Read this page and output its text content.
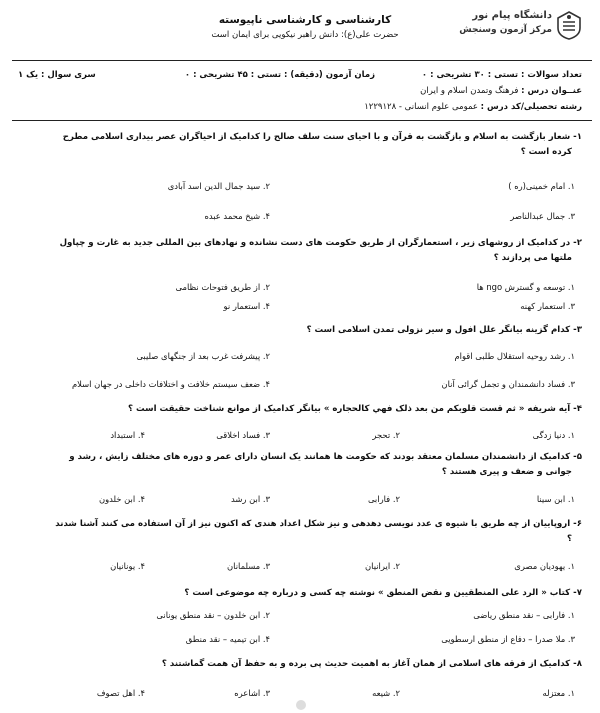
کارشناسی و کارشناسی ناپیوسته
حضرت علی(ع): دانش راهبر نیکویی برای ایمان است
دانشگاه پیام نور
مرکز آزمون وسنجش
تعداد سوالات : تستی : ۳۰ تشریحی : ۰
زمان آزمون (دقیقه) : تستی : ۴۵ تشریحی : ۰
سری سوال : یک ۱
عنــوان درس : فرهنگ وتمدن اسلام و ایران
رشته تحصیلی/کد درس : عمومی علوم انسانی - ۱۲۲۹۱۲۸
۱- شعار بازگشت به اسلام و بازگشت به قرآن و با احیای سنت سلف صالح را کدامیک از احیاگران عصر بیداری اسلامی مطرح
کرده است ؟
۱. امام خمینی(ره )
۲. سید جمال الدین اسد آبادی
۳. جمال عبدالناصر
۴. شیخ محمد عبده
۲- در کدامیک از روشهای زیر ، استعمارگران از طریق حکومت های دست نشانده و نهادهای بین المللی جدید به غارت و چپاول
ملتها می پردازند ؟
۱. توسعه و گسترش ngo ها
۲. از طریق فتوحات نظامی
۳. استعمار کهنه
۴. استعمار نو
۳- کدام گزینه بیانگر علل افول و سیر نزولی تمدن اسلامی است ؟
۱. رشد روحیه استقلال طلبی اقوام
۲. پیشرفت غرب بعد از جنگهای صلیبی
۳. فساد دانشمندان و تجمل گرائی آنان
۴. ضعف سیستم خلافت و اختلافات داخلی در جهان اسلام
۴- آیه شریفه « ثم قست قلوبکم من بعد ذلک فهي كالحجاره » بیانگر کدامیک از موانع شناخت حقیقت است ؟
۱. دنیا زدگی
۲. تحجر
۳. فساد اخلاقی
۴. استبداد
۵- کدامیک از دانشمندان مسلمان معتقد بودند که حکومت ها همانند یک انسان دارای عمر و دوره های مختلف زایش ، رشد و
جوانی و ضعف و پیری هستند ؟
۱. ابن سینا
۲. فارابی
۳. ابن رشد
۴. ابن خلدون
۶- اروپاییان از چه طریق با شیوه ی عدد نویسی دهدهی و نیز شکل اعداد هندی که اکنون نیز از آن استفاده می کنند آشنا شدند
؟
۱. یهودیان مصری
۲. ایرانیان
۳. مسلمانان
۴. یونانیان
۷- کتاب « الرد علی المنطقیین و نقض المنطق » نوشته چه کسی و درباره چه موضوعی است ؟
۱. فارابی – نقد منطق ریاضی
۲. ابن خلدون – نقد منطق یونانی
۳. ملا صدرا – دفاع از منطق ارسطویی
۴. ابن تیمیه – نقد منطق
۸- کدامیک از فرقه های اسلامی از همان آغاز به اهمیت حدیث پی برده و به حفظ آن همت گماشتند ؟
۱. معتزله
۲. شیعه
۳. اشاعره
۴. اهل تصوف
